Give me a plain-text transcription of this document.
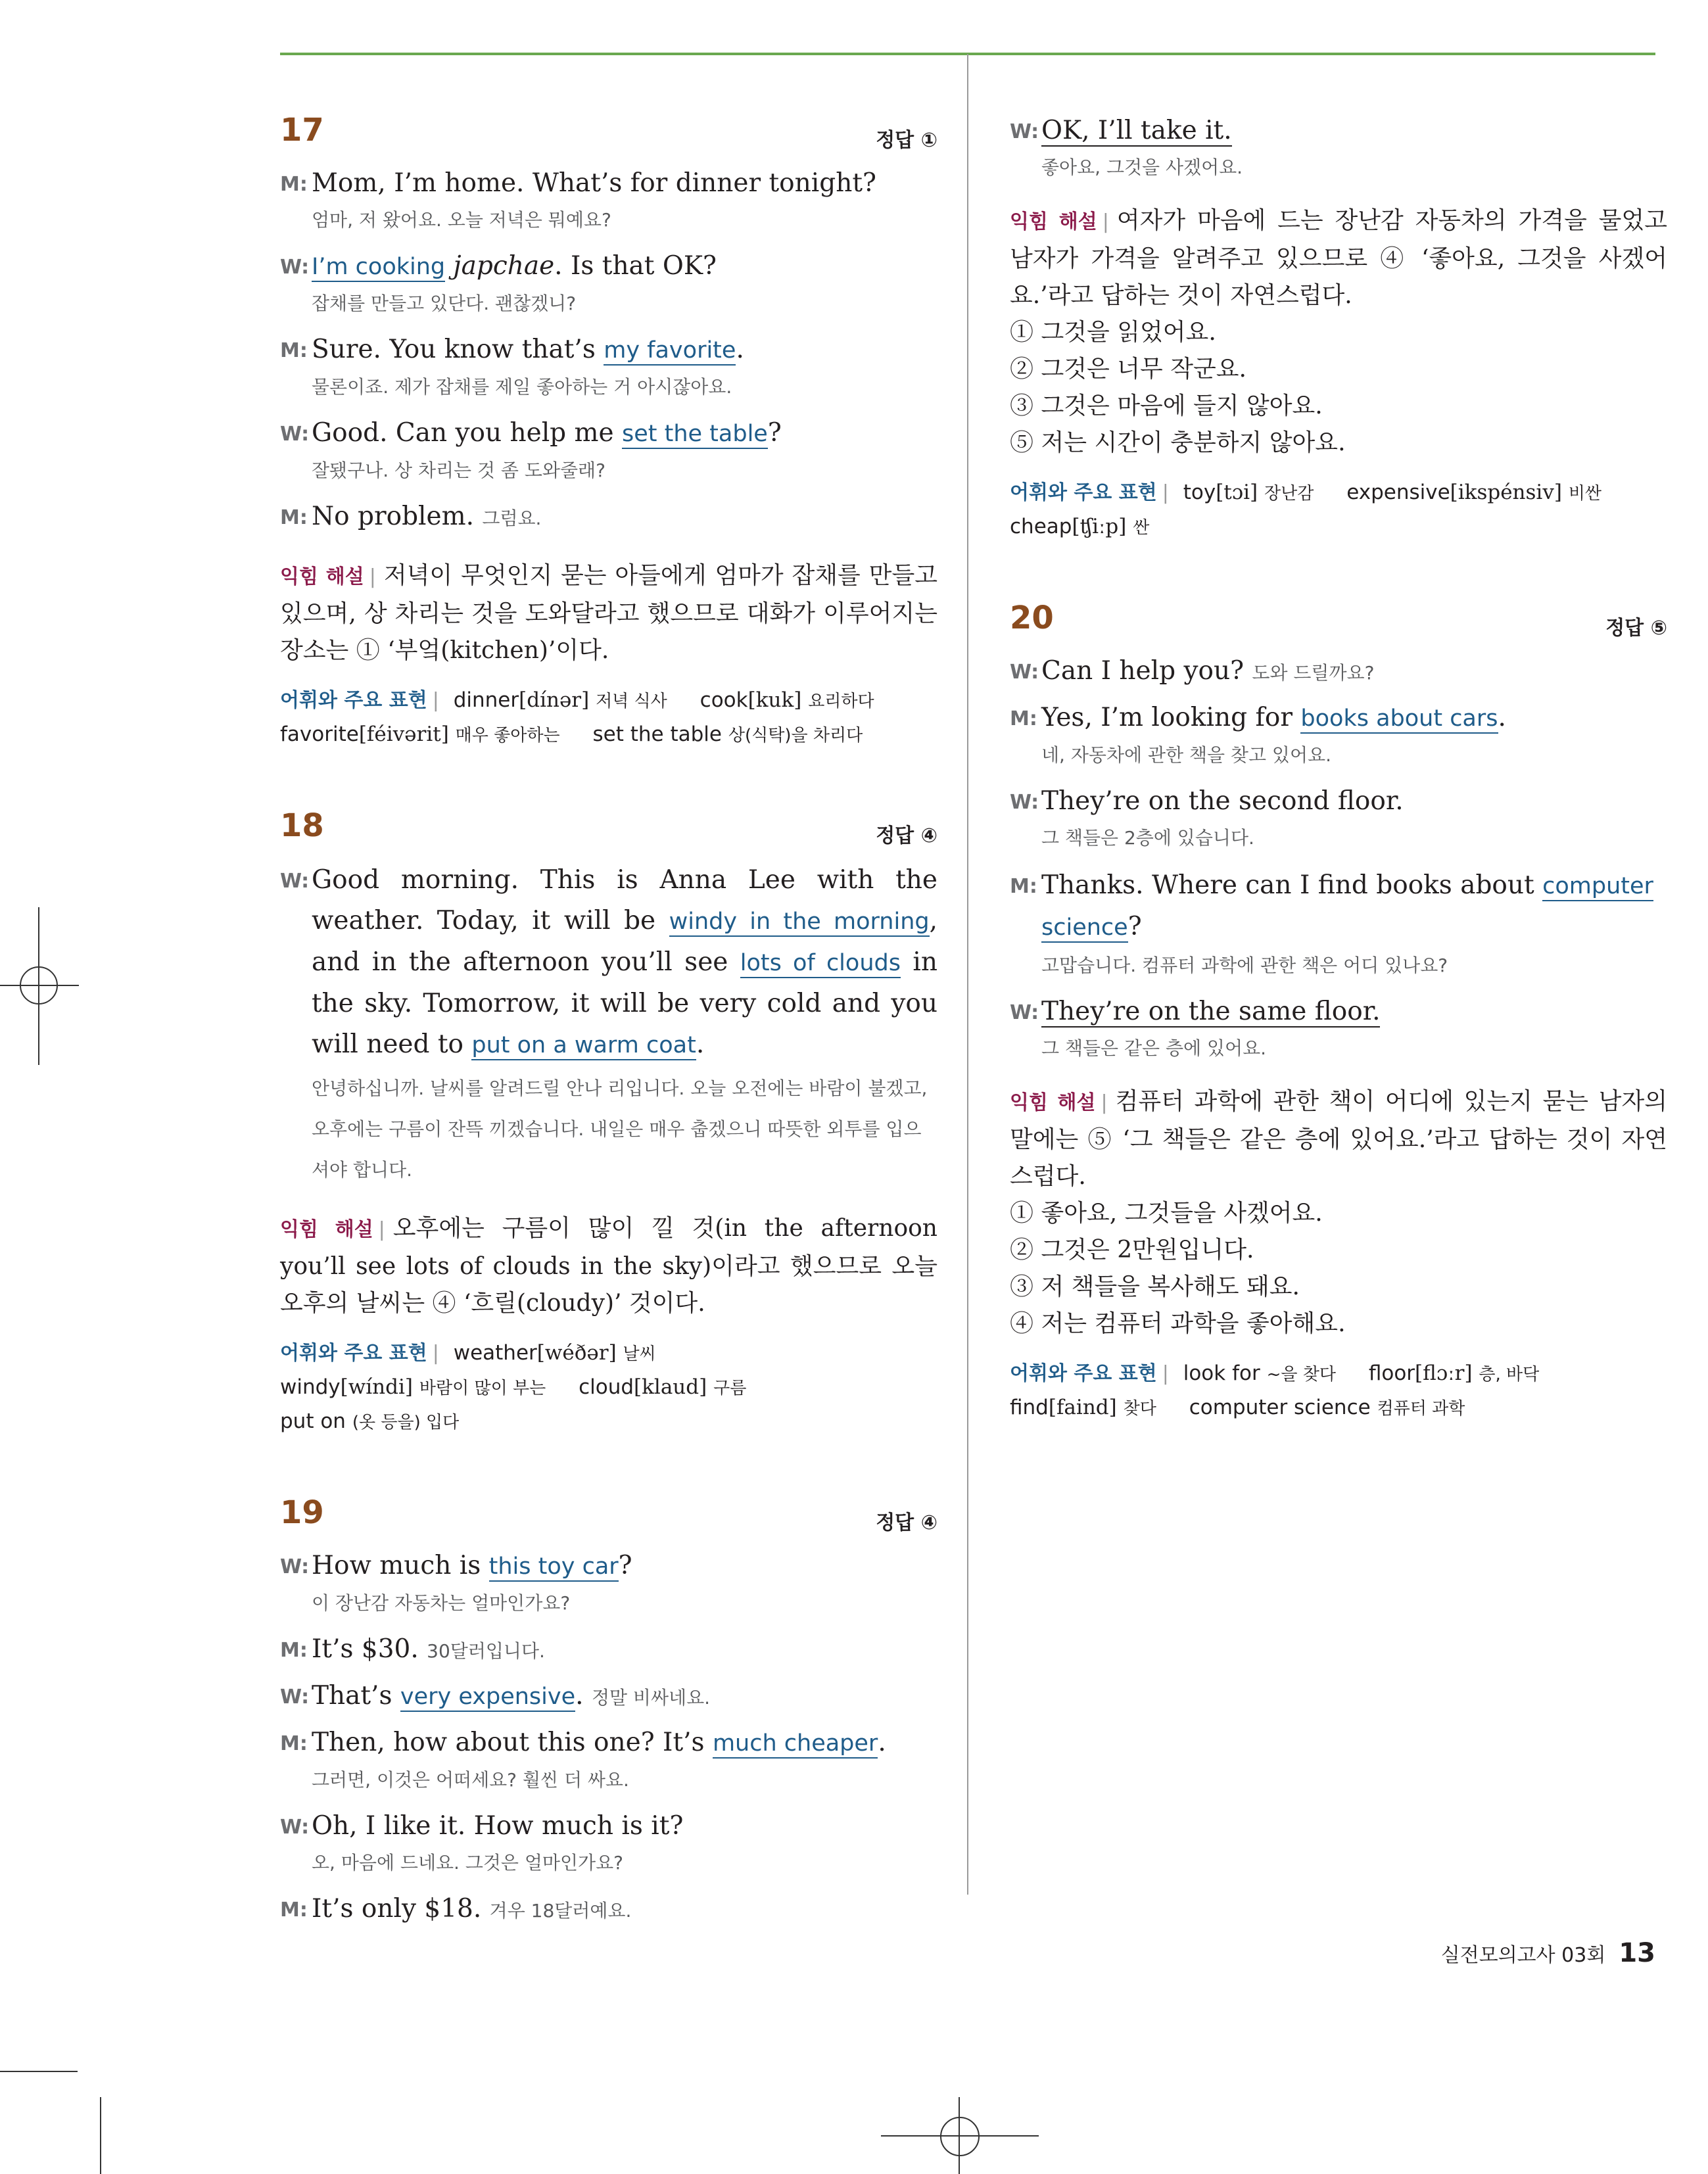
17	정답 ①
M: Mom, I’m home. What’s for dinner tonight?
엄마, 저 왔어요. 오늘 저녁은 뭐예요?
W: I’m cooking japchae. Is that OK?
잡채를 만들고 있단다. 괜찮겠니?
M: Sure. You know that’s my favorite.
물론이죠. 제가 잡채를 제일 좋아하는 거 아시잖아요.
W: Good. Can you help me set the table?
잘됐구나. 상 차리는 것 좀 도와줄래?
M: No problem. 그럼요.
익힘 해설 | 저녁이 무엇인지 묻는 아들에게 엄마가 잡채를 만들고 있으며, 상 차리는 것을 도와달라고 했으므로 대화가 이루어지는 장소는 ① ‘부엌(kitchen)’이다.
어휘와 주요 표현 | dinner[dínər] 저녁 식사 cook[kuk] 요리하다
favorite[féivərit] 매우 좋아하는 set the table 상(식탁)을 차리다
18	정답 ④
W: Good morning. This is Anna Lee with the weather. Today, it will be windy in the morning, and in the afternoon you’ll see lots of clouds in the sky. Tomorrow, it will be very cold and you will need to put on a warm coat.
안녕하십니까. 날씨를 알려드릴 안나 리입니다. 오늘 오전에는 바람이 불겠고, 오후에는 구름이 잔뜩 끼겠습니다. 내일은 매우 춥겠으니 따뜻한 외투를 입으셔야 합니다.
익힘 해설 | 오후에는 구름이 많이 낄 것(in the afternoon you’ll see lots of clouds in the sky)이라고 했으므로 오늘 오후의 날씨는 ④ ‘흐릴(cloudy)’ 것이다.
어휘와 주요 표현 | weather[wéðər] 날씨
windy[wíndi] 바람이 많이 부는 cloud[klaud] 구름
put on (옷 등을) 입다
19	정답 ④
W: How much is this toy car?
이 장난감 자동차는 얼마인가요?
M: It’s $30. 30달러입니다.
W: That’s very expensive. 정말 비싸네요.
M: Then, how about this one? It’s much cheaper.
그러면, 이것은 어떠세요? 훨씬 더 싸요.
W: Oh, I like it. How much is it?
오, 마음에 드네요. 그것은 얼마인가요?
M: It’s only $18. 겨우 18달러예요.
W: OK, I’ll take it.
좋아요, 그것을 사겠어요.
익힘 해설 | 여자가 마음에 드는 장난감 자동차의 가격을 물었고 남자가 가격을 알려주고 있으므로 ④ ‘좋아요, 그것을 사겠어요.’라고 답하는 것이 자연스럽다.
① 그것을 읽었어요.
② 그것은 너무 작군요.
③ 그것은 마음에 들지 않아요.
⑤ 저는 시간이 충분하지 않아요.
어휘와 주요 표현 | toy[tɔi] 장난감 expensive[ikspénsiv] 비싼
cheap[ʧiːp] 싼
20	정답 ⑤
W: Can I help you? 도와 드릴까요?
M: Yes, I’m looking for books about cars.
네, 자동차에 관한 책을 찾고 있어요.
W: They’re on the second floor.
그 책들은 2층에 있습니다.
M: Thanks. Where can I find books about computer science?
고맙습니다. 컴퓨터 과학에 관한 책은 어디 있나요?
W: They’re on the same floor.
그 책들은 같은 층에 있어요.
익힘 해설 | 컴퓨터 과학에 관한 책이 어디에 있는지 묻는 남자의 말에는 ⑤ ‘그 책들은 같은 층에 있어요.’라고 답하는 것이 자연스럽다.
① 좋아요, 그것들을 사겠어요.
② 그것은 2만원입니다.
③ 저 책들을 복사해도 돼요.
④ 저는 컴퓨터 과학을 좋아해요.
어휘와 주요 표현 | look for ~을 찾다 floor[flɔːr] 층, 바닥
find[faind] 찾다 computer science 컴퓨터 과학
실전모의고사 03회 13
